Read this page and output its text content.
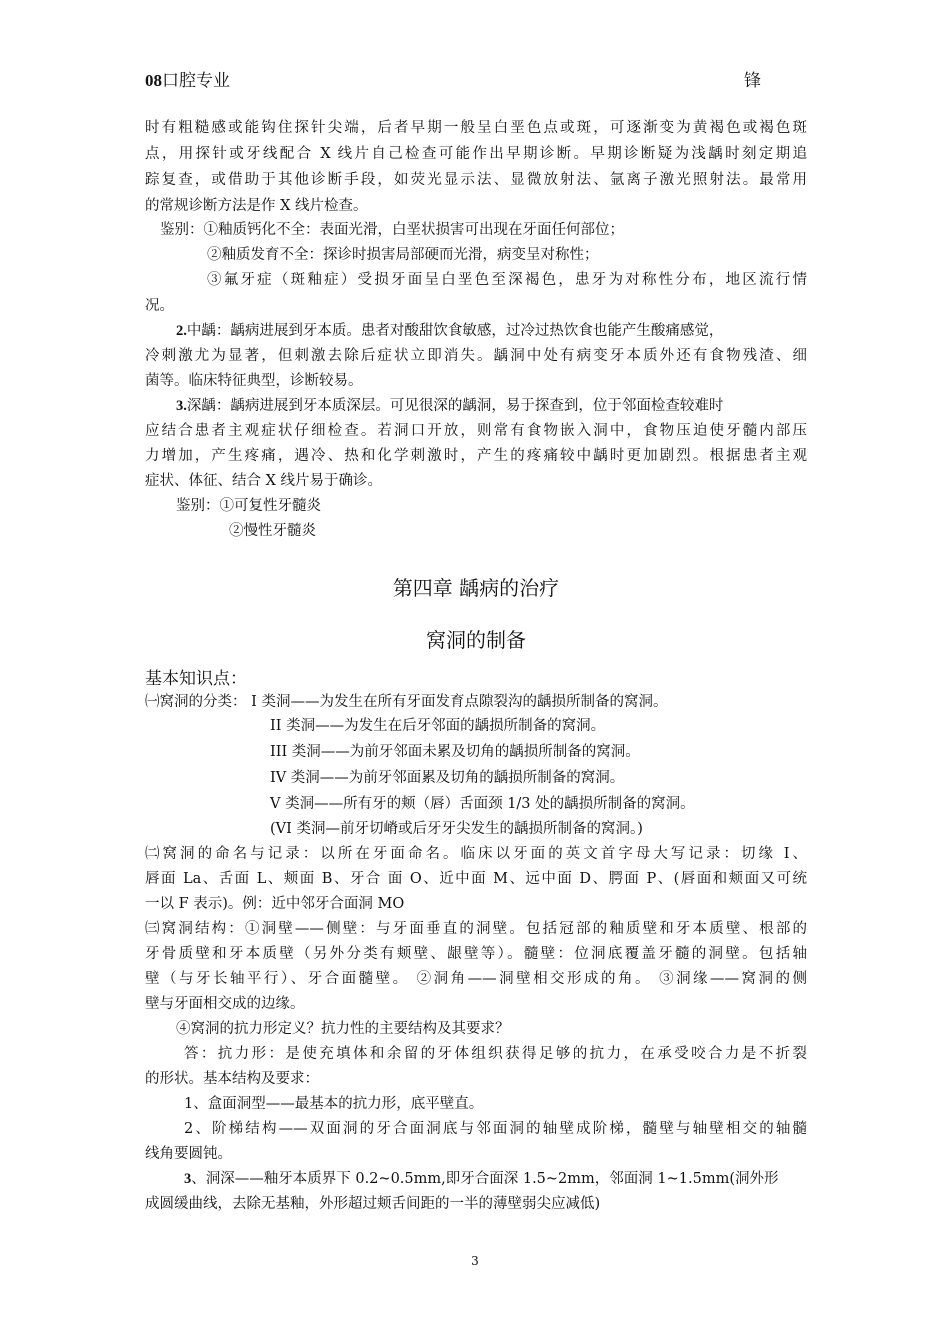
08口腔专业	锋
时有粗糙感或能钩住探针尖端，后者早期一般呈白垩色点或斑，可逐渐变为黄褐色或褐色斑
点，用探针或牙线配合 X 线片自己检查可能作出早期诊断。早期诊断疑为浅龋时刻定期追
踪复查，或借助于其他诊断手段，如荧光显示法、显微放射法、氩离子激光照射法。最常用
的常规诊断方法是作 X 线片检查。
鉴别：①釉质钙化不全：表面光滑，白垩状损害可出现在牙面任何部位；
②釉质发育不全：探诊时损害局部硬而光滑，病变呈对称性；
③氟牙症（斑釉症）受损牙面呈白垩色至深褐色，患牙为对称性分布，地区流行情
况。
2.中龋：龋病进展到牙本质。患者对酸甜饮食敏感，过冷过热饮食也能产生酸痛感觉，
冷刺激尤为显著，但刺激去除后症状立即消失。龋洞中处有病变牙本质外还有食物残渣、细
菌等。临床特征典型，诊断较易。
3.深龋：龋病进展到牙本质深层。可见很深的龋洞，易于探查到，位于邻面检查较难时
应结合患者主观症状仔细检查。若洞口开放，则常有食物嵌入洞中，食物压迫使牙髓内部压
力增加，产生疼痛，遇冷、热和化学刺激时，产生的疼痛较中龋时更加剧烈。根据患者主观
症状、体征、结合 X 线片易于确诊。
鉴别：①可复性牙髓炎
②慢性牙髓炎
第四章 龋病的治疗
窝洞的制备
基本知识点：
㈠窝洞的分类： I 类洞——为发生在所有牙面发育点隙裂沟的龋损所制备的窝洞。
II 类洞——为发生在后牙邻面的龋损所制备的窝洞。
III 类洞——为前牙邻面未累及切角的龋损所制备的窝洞。
IV 类洞——为前牙邻面累及切角的龋损所制备的窝洞。
V 类洞——所有牙的颊（唇）舌面颈 1/3 处的龋损所制备的窝洞。
(VI 类洞—前牙切嵴或后牙牙尖发生的龋损所制备的窝洞。)
㈡窝洞的命名与记录：以所在牙面命名。临床以牙面的英文首字母大写记录：切缘 I、
唇面 La、舌面 L、颊面 B、牙合 面 O、近中面 M、远中面 D、腭面 P、(唇面和颊面又可统
一以 F 表示)。例：近中邻牙合面洞 MO
㈢窝洞结构：①洞壁——侧壁：与牙面垂直的洞壁。包括冠部的釉质壁和牙本质壁、根部的
牙骨质壁和牙本质壁（另外分类有颊壁、龈壁等）。髓壁：位洞底覆盖牙髓的洞壁。包括轴
壁（与牙长轴平行）、牙合面髓壁。 ②洞角——洞壁相交形成的角。 ③洞缘——窝洞的侧
壁与牙面相交成的边缘。
④窝洞的抗力形定义？抗力性的主要结构及其要求？
答：抗力形：是使充填体和余留的牙体组织获得足够的抗力，在承受咬合力是不折裂
的形状。基本结构及要求：
1、盒面洞型——最基本的抗力形，底平壁直。
2、阶梯结构——双面洞的牙合面洞底与邻面洞的轴壁成阶梯，髓壁与轴壁相交的轴髓
线角要圆钝。
3、洞深——釉牙本质界下 0.2~0.5mm,即牙合面深 1.5~2mm，邻面洞 1~1.5mm(洞外形
成圆缓曲线，去除无基釉，外形超过颊舌间距的一半的薄壁弱尖应减低)
3
